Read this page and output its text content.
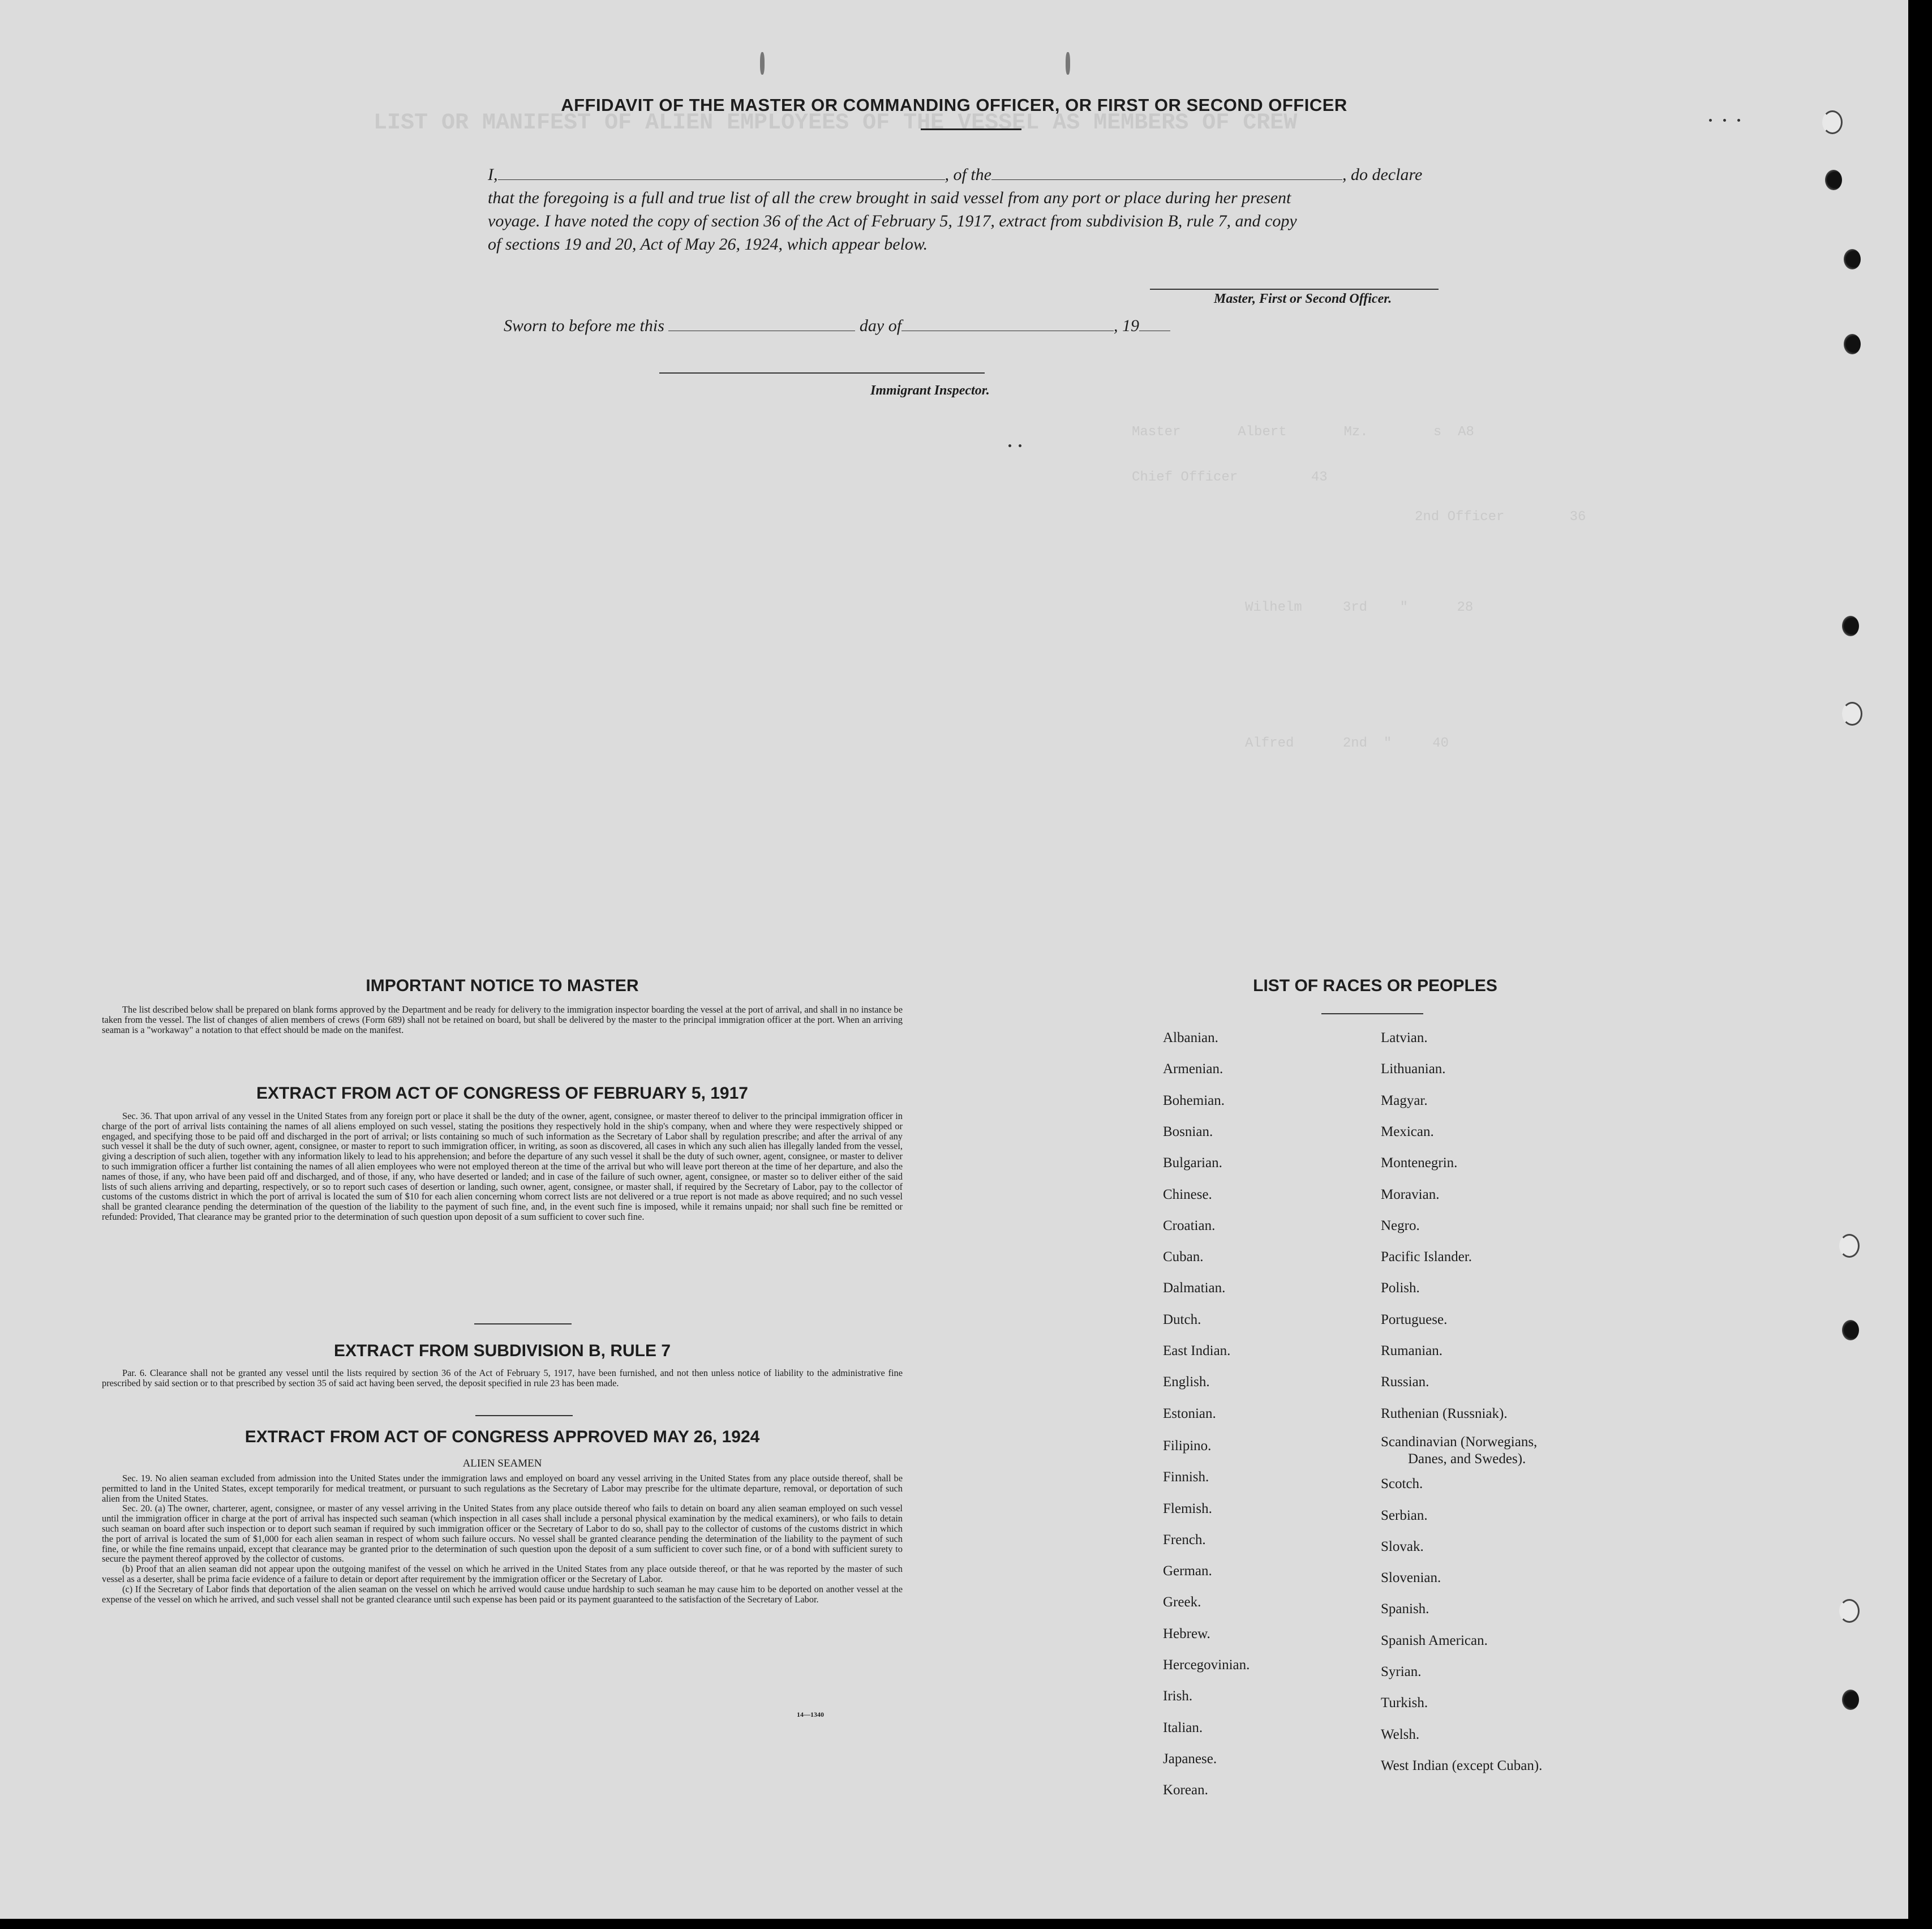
LIST OR MANIFEST OF ALIEN EMPLOYEES OF THE VESSEL AS MEMBERS OF CREW
Master       Albert       Mz.        s  A8
Chief Officer         43
2nd Officer        36
Wilhelm     3rd    "      28
Alfred      2nd  "     40
AFFIDAVIT OF THE MASTER OR COMMANDING OFFICER, OR FIRST OR SECOND OFFICER
I,	, of the	, do declare
that the foregoing is a full and true list of all the crew brought in said vessel from any port or place during her present
voyage. I have noted the copy of section 36 of the Act of February 5, 1917, extract from subdivision B, rule 7, and copy
of sections 19 and 20, Act of May 26, 1924, which appear below.
Master, First or Second Officer.
Sworn to before me this	day of	, 19
Immigrant Inspector.
IMPORTANT NOTICE TO MASTER

The list described below shall be prepared on blank forms approved by the Department and be ready for delivery to the immigration inspector boarding the vessel at the port of arrival, and shall in no instance be taken from the vessel. The list of changes of alien members of crews (Form 689) shall not be retained on board, but shall be delivered by the master to the principal immigration officer at the port. When an arriving seaman is a "workaway" a notation to that effect should be made on the manifest.

EXTRACT FROM ACT OF CONGRESS OF FEBRUARY 5, 1917

Sec. 36. That upon arrival of any vessel in the United States from any foreign port or place it shall be the duty of the owner, agent, consignee, or master thereof to deliver to the principal immigration officer in charge of the port of arrival lists containing the names of all aliens employed on such vessel, stating the positions they respectively hold in the ship's company, when and where they were respectively shipped or engaged, and specifying those to be paid off and discharged in the port of arrival; or lists containing so much of such information as the Secretary of Labor shall by regulation prescribe; and after the arrival of any such vessel it shall be the duty of such owner, agent, consignee, or master to report to such immigration officer, in writing, as soon as discovered, all cases in which any such alien has illegally landed from the vessel, giving a description of such alien, together with any information likely to lead to his apprehension; and before the departure of any such vessel it shall be the duty of such owner, agent, consignee, or master to deliver to such immigration officer a further list containing the names of all alien employees who were not employed thereon at the time of the arrival but who will leave port thereon at the time of her departure, and also the names of those, if any, who have been paid off and discharged, and of those, if any, who have deserted or landed; and in case of the failure of such owner, agent, consignee, or master so to deliver either of the said lists of such aliens arriving and departing, respectively, or so to report such cases of desertion or landing, such owner, agent, consignee, or master shall, if required by the Secretary of Labor, pay to the collector of customs of the customs district in which the port of arrival is located the sum of $10 for each alien concerning whom correct lists are not delivered or a true report is not made as above required; and no such vessel shall be granted clearance pending the determination of the question of the liability to the payment of such fine, and, in the event such fine is imposed, while it remains unpaid; nor shall such fine be remitted or refunded: Provided, That clearance may be granted prior to the determination of such question upon deposit of a sum sufficient to cover such fine.

EXTRACT FROM SUBDIVISION B, RULE 7

Par. 6. Clearance shall not be granted any vessel until the lists required by section 36 of the Act of February 5, 1917, have been furnished, and not then unless notice of liability to the administrative fine prescribed by said section or to that prescribed by section 35 of said act having been served, the deposit specified in rule 23 has been made.

EXTRACT FROM ACT OF CONGRESS APPROVED MAY 26, 1924
ALIEN SEAMEN

Sec. 19. No alien seaman excluded from admission into the United States under the immigration laws and employed on board any vessel arriving in the United States from any place outside thereof, shall be permitted to land in the United States, except temporarily for medical treatment, or pursuant to such regulations as the Secretary of Labor may prescribe for the ultimate departure, removal, or deportation of such alien from the United States.

Sec. 20. (a) The owner, charterer, agent, consignee, or master of any vessel arriving in the United States from any place outside thereof who fails to detain on board any alien seaman employed on such vessel until the immigration officer in charge at the port of arrival has inspected such seaman (which inspection in all cases shall include a personal physical examination by the medical examiners), or who fails to detain such seaman on board after such inspection or to deport such seaman if required by such immigration officer or the Secretary of Labor to do so, shall pay to the collector of customs of the customs district in which the port of arrival is located the sum of $1,000 for each alien seaman in respect of whom such failure occurs. No vessel shall be granted clearance pending the determination of the liability to the payment of such fine, or while the fine remains unpaid, except that clearance may be granted prior to the determination of such question upon the deposit of a sum sufficient to cover such fine, or of a bond with sufficient surety to secure the payment thereof approved by the collector of customs.

(b) Proof that an alien seaman did not appear upon the outgoing manifest of the vessel on which he arrived in the United States from any place outside thereof, or that he was reported by the master of such vessel as a deserter, shall be prima facie evidence of a failure to detain or deport after requirement by the immigration officer or the Secretary of Labor.

(c) If the Secretary of Labor finds that deportation of the alien seaman on the vessel on which he arrived would cause undue hardship to such seaman he may cause him to be deported on another vessel at the expense of the vessel on which he arrived, and such vessel shall not be granted clearance until such expense has been paid or its payment guaranteed to the satisfaction of the Secretary of Labor.

14—1340
LIST OF RACES OR PEOPLES
Albanian.
Armenian.
Bohemian.
Bosnian.
Bulgarian.
Chinese.
Croatian.
Cuban.
Dalmatian.
Dutch.
East Indian.
English.
Estonian.
Filipino.
Finnish.
Flemish.
French.
German.
Greek.
Hebrew.
Hercegovinian.
Irish.
Italian.
Japanese.
Korean.
Latvian.
Lithuanian.
Magyar.
Mexican.
Montenegrin.
Moravian.
Negro.
Pacific Islander.
Polish.
Portuguese.
Rumanian.
Russian.
Ruthenian (Russniak).
Scandinavian (Norwegians,
Danes, and Swedes).
Scotch.
Serbian.
Slovak.
Slovenian.
Spanish.
Spanish American.
Syrian.
Turkish.
Welsh.
West Indian (except Cuban).
